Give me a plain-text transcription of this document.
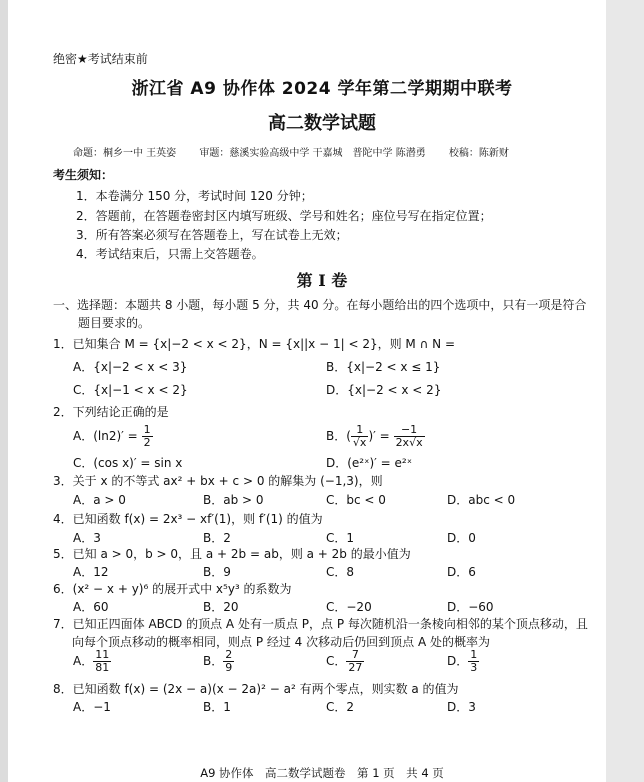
绝密★考试结束前
浙江省 A9 协作体 2024 学年第二学期期中联考
高二数学试题
命题：桐乡一中 王英姿 审题：慈溪实验高级中学 干嘉城　普陀中学 陈潜勇 校稿：陈新财
考生须知：
1．本卷满分 150 分，考试时间 120 分钟；
2．答题前，在答题卷密封区内填写班级、学号和姓名；座位号写在指定位置；
3．所有答案必须写在答题卷上，写在试卷上无效；
4．考试结束后，只需上交答题卷。
第 I 卷
一、选择题：本题共 8 小题，每小题 5 分，共 40 分。在每小题给出的四个选项中，只有一项是符合
题目要求的。
1．已知集合 M = {x|−2 < x < 2}，N = {x||x − 1| < 2}，则 M ∩ N =
A．{x|−2 < x < 3}	B．{x|−2 < x ≤ 1}
C．{x|−1 < x < 2}	D．{x|−2 < x < 2}
2．下列结论正确的是
A．$(\ln 2)' = \frac{1}{2}$	B．( $\frac{1}{√x}$ )′ = $\frac{-1}{2x√x}$
C．(cos x)′ = sin x	D．(e²ˣ)′ = e²ˣ
3．关于 x 的不等式 ax² + bx + c > 0 的解集为 (−1,3)，则
A．a > 0	B．ab > 0	C．bc < 0	D．abc < 0
4．已知函数 f(x) = 2x³ − xf′(1)，则 f′(1) 的值为
A．3	B．2	C．1	D．0
5．已知 a > 0，b > 0，且 a + 2b = ab，则 a + 2b 的最小值为
A．12	B．9	C．8	D．6
6．(x² − x + y)⁶ 的展开式中 x⁵y³ 的系数为
A．60	B．20	C．−20	D．−60
7．已知正四面体 ABCD 的顶点 A 处有一质点 P，点 P 每次随机沿一条棱向相邻的某个顶点移动，且
向每个顶点移动的概率相同，则点 P 经过 4 次移动后仍回到顶点 A 处的概率为
A． $\frac{11}{81}$	B． $\frac{2}{9}$	C． $\frac{7}{27}$	D． $\frac{1}{3}$
8．已知函数 f(x) = (2x − a)(x − 2a)² − a² 有两个零点，则实数 a 的值为
A．−1	B．1	C．2	D．3
A9 协作体　高二数学试题卷　第 1 页　共 4 页
